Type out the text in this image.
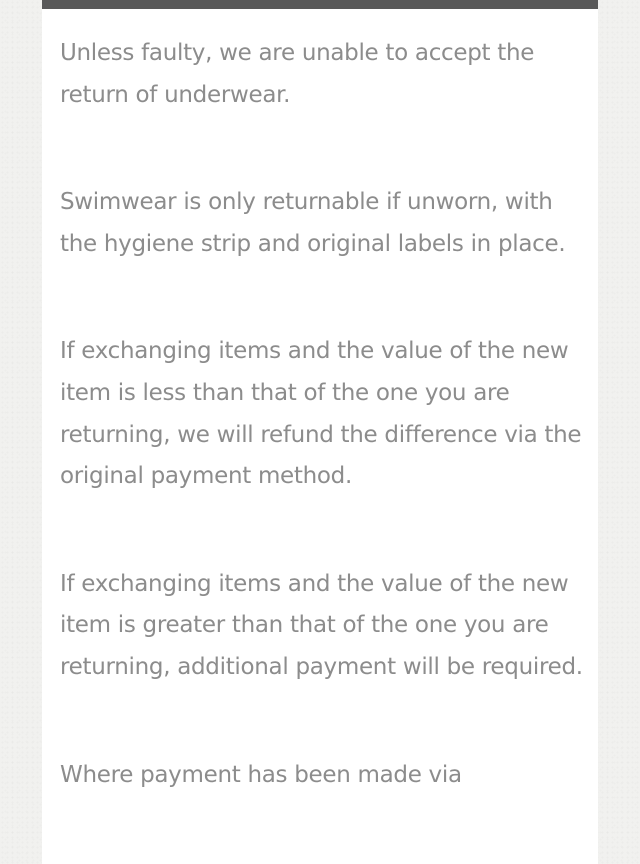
Unless faulty, we are unable to accept the return of underwear.

Swimwear is only returnable if unworn, with the hygiene strip and original labels in place.

If exchanging items and the value of the new item is less than that of the one you are returning, we will refund the difference via the original payment method.

If exchanging items and the value of the new item is greater than that of the one you are returning, additional payment will be required.

Where payment has been made via
